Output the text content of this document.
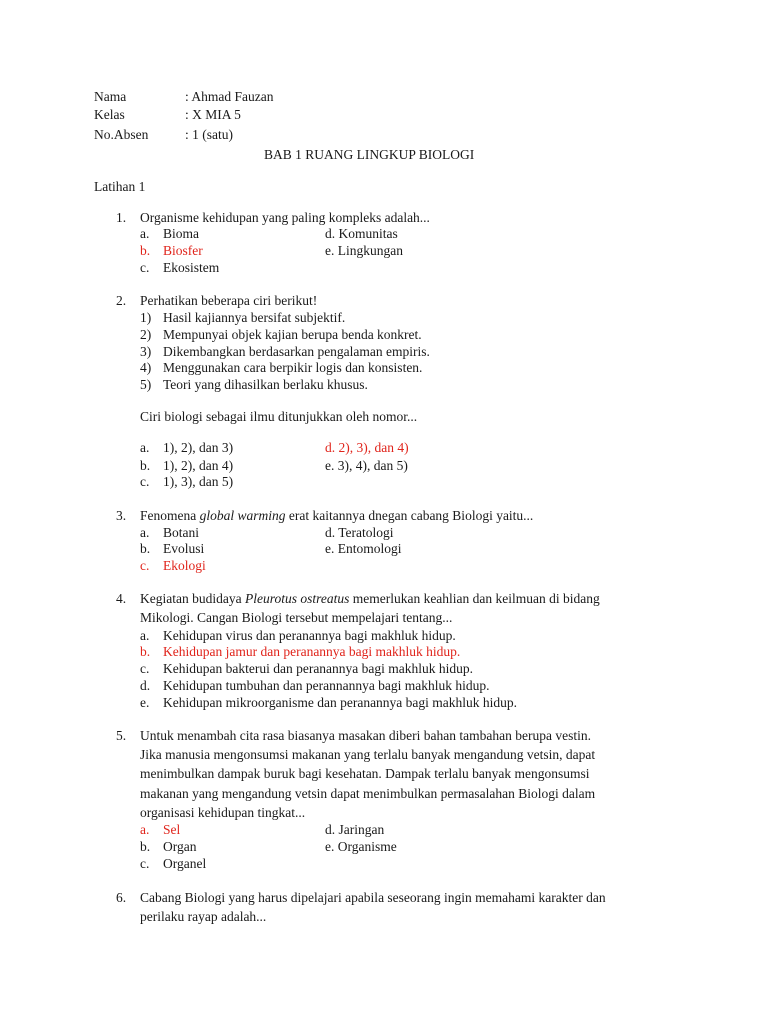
Nama	: Ahmad Fauzan
Kelas	: X MIA 5
No.Absen	: 1 (satu)
BAB 1 RUANG LINGKUP BIOLOGI
Latihan 1
1. Organisme kehidupan yang paling kompleks adalah...
a. Bioma	d. Komunitas
b. Biosfer	e. Lingkungan
c. Ekosistem
2. Perhatikan beberapa ciri berikut!
1) Hasil kajiannya bersifat subjektif.
2) Mempunyai objek kajian berupa benda konkret.
3) Dikembangkan berdasarkan pengalaman empiris.
4) Menggunakan cara berpikir logis dan konsisten.
5) Teori yang dihasilkan berlaku khusus.
Ciri biologi sebagai ilmu ditunjukkan oleh nomor...
a. 1), 2), dan 3)	d. 2), 3), dan 4)
b. 1), 2), dan 4)	e. 3), 4), dan 5)
c. 1), 3), dan 5)
3. Fenomena global warming erat kaitannya dnegan cabang Biologi yaitu...
a. Botani	d. Teratologi
b. Evolusi	e. Entomologi
c. Ekologi
4. Kegiatan budidaya Pleurotus ostreatus memerlukan keahlian dan keilmuan di bidang
Mikologi. Cangan Biologi tersebut mempelajari tentang...
a. Kehidupan virus dan peranannya bagi makhluk hidup.
b. Kehidupan jamur dan peranannya bagi makhluk hidup.
c. Kehidupan bakterui dan peranannya bagi makhluk hidup.
d. Kehidupan tumbuhan dan perannannya bagi makhluk hidup.
e. Kehidupan mikroorganisme dan peranannya bagi makhluk hidup.
5. Untuk menambah cita rasa biasanya masakan diberi bahan tambahan berupa vestin.
Jika manusia mengonsumsi makanan yang terlalu banyak mengandung vetsin, dapat
menimbulkan dampak buruk bagi kesehatan. Dampak terlalu banyak mengonsumsi
makanan yang mengandung vetsin dapat menimbulkan permasalahan Biologi dalam
organisasi kehidupan tingkat...
a. Sel	d. Jaringan
b. Organ	e. Organisme
c. Organel
6. Cabang Biologi yang harus dipelajari apabila seseorang ingin memahami karakter dan
perilaku rayap adalah...
